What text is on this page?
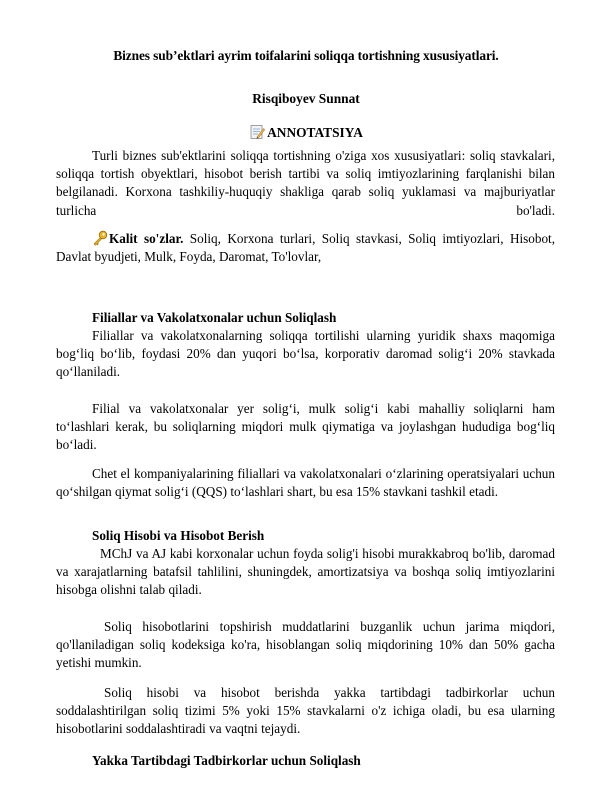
Biznes sub’ektlari ayrim toifalarini soliqqa tortishning xususiyatlari.
Risqiboyev Sunnat
ANNOTATSIYA

Turli biznes sub'ektlarini soliqqa tortishning o'ziga xos xususiyatlari: soliq stavkalari, soliqqa tortish obyektlari, hisobot berish tartibi va soliq imtiyozlarining farqlanishi bilan belgilanadi. Korxona tashkiliy-huquqiy shakliga qarab soliq yuklamasi va majburiyatlar turlicha bo'ladi.

Kalit so'zlar. Soliq, Korxona turlari, Soliq stavkasi, Soliq imtiyozlari, Hisobot, Davlat byudjeti, Mulk, Foyda, Daromat, To'lovlar,

Filiallar va Vakolatxonalar uchun Soliqlash

Filiallar va vakolatxonalarning soliqqa tortilishi ularning yuridik shaxs maqomiga bog‘liq bo‘lib, foydasi 20% dan yuqori bo‘lsa, korporativ daromad solig‘i 20% stavkada qo‘llaniladi.

Filial va vakolatxonalar yer solig‘i, mulk solig‘i kabi mahalliy soliqlarni ham to‘lashlari kerak, bu soliqlarning miqdori mulk qiymatiga va joylashgan hududiga bog‘liq bo‘ladi.

Chet el kompaniyalarining filiallari va vakolatxonalari o‘zlarining operatsiyalari uchun qo‘shilgan qiymat solig‘i (QQS) to‘lashlari shart, bu esa 15% stavkani tashkil etadi.

Soliq Hisobi va Hisobot Berish

MChJ va AJ kabi korxonalar uchun foyda solig'i hisobi murakkabroq bo'lib, daromad va xarajatlarning batafsil tahlilini, shuningdek, amortizatsiya va boshqa soliq imtiyozlarini hisobga olishni talab qiladi.

Soliq hisobotlarini topshirish muddatlarini buzganlik uchun jarima miqdori, qo'llaniladigan soliq kodeksiga ko'ra, hisoblangan soliq miqdorining 10% dan 50% gacha yetishi mumkin.

Soliq hisobi va hisobot berishda yakka tartibdagi tadbirkorlar uchun soddalashtirilgan soliq tizimi 5% yoki 15% stavkalarni o'z ichiga oladi, bu esa ularning hisobotlarini soddalashtiradi va vaqtni tejaydi.

Yakka Tartibdagi Tadbirkorlar uchun Soliqlash
